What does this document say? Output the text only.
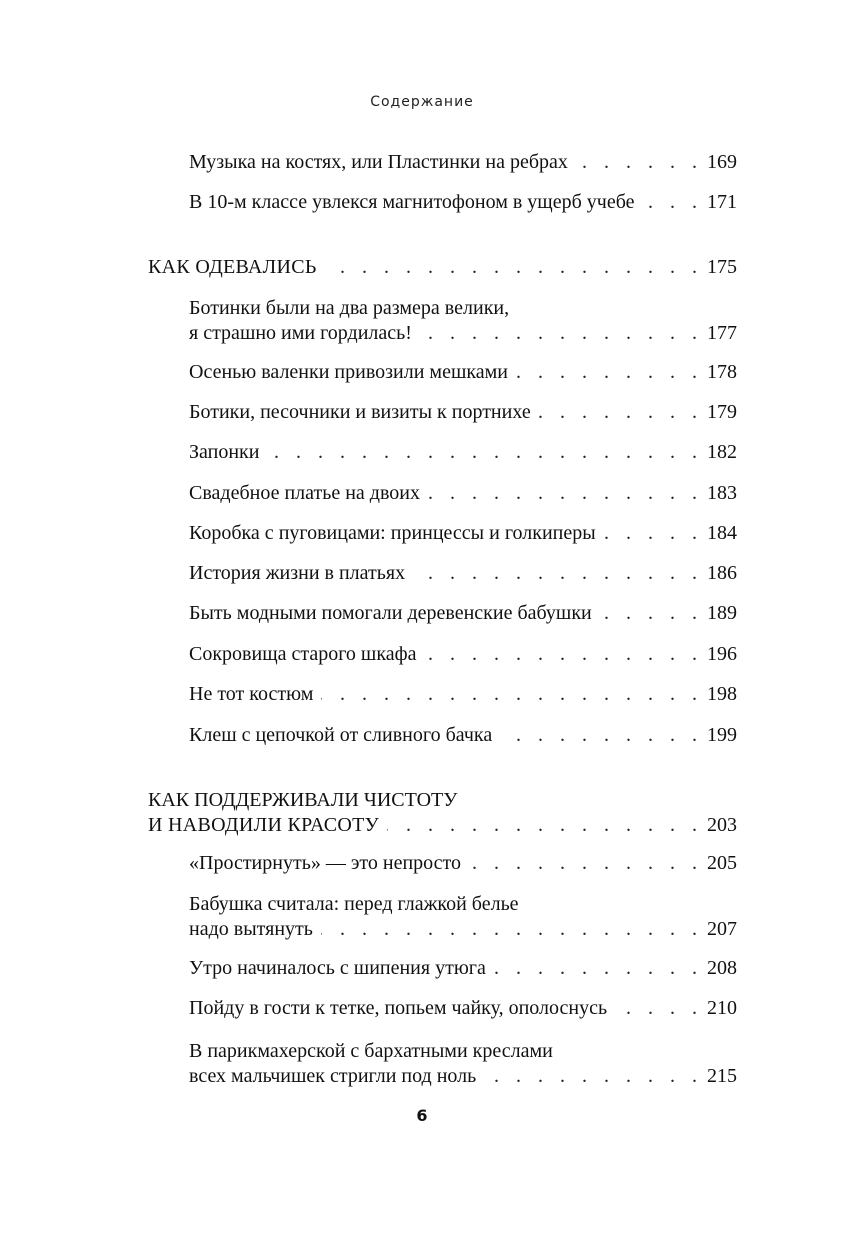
Содержание
Музыка на костях, или Пластинки на ребрах . . .	169
В 10-м классе увлекся магнитофоном в ущерб учебе . . .	171
КАК ОДЕВАЛИСЬ . . .	175
Ботинки были на два размера велики,
я страшно ими гордилась! . . .	177
Осенью валенки привозили мешками . . .	178
Ботики, песочники и визиты к портнихе . . .	179
Запонки . . .	182
Свадебное платье на двоих . . .	183
Коробка с пуговицами: принцессы и голкиперы . . .	184
История жизни в платьях . . .	186
Быть модными помогали деревенские бабушки . . .	189
Сокровища старого шкафа . . .	196
Не тот костюм . . .	198
Клеш с цепочкой от сливного бачка . . .	199
КАК ПОДДЕРЖИВАЛИ ЧИСТОТУ
И НАВОДИЛИ КРАСОТУ . . .	203
«Простирнуть» — это непросто . . .	205
Бабушка считала: перед глажкой белье
надо вытянуть . . .	207
Утро начиналось с шипения утюга . . .	208
Пойду в гости к тетке, попьем чайку, ополоснусь . . .	210
В парикмахерской с бархатными креслами
всех мальчишек стригли под ноль . . .	215
6
